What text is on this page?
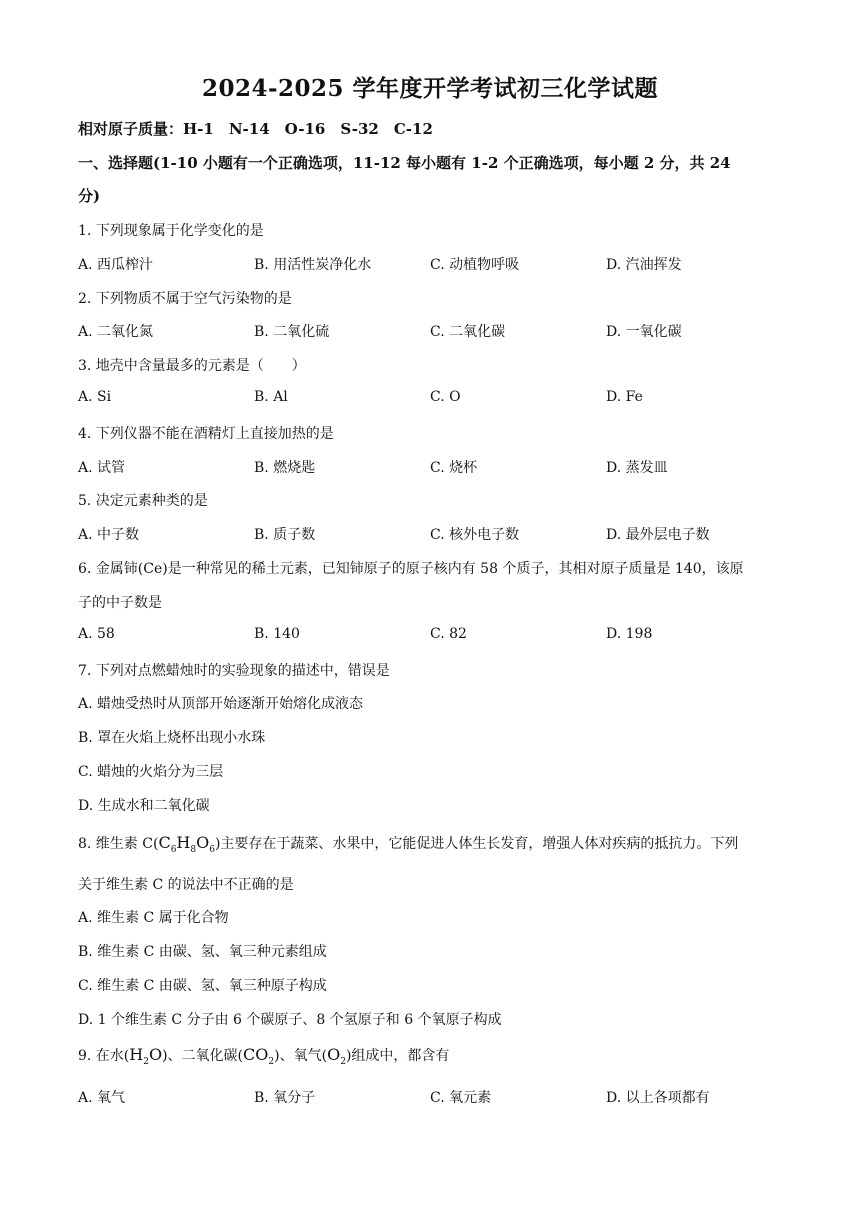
2024-2025 学年度开学考试初三化学试题
相对原子质量：H-1　N-14　O-16　S-32　C-12
一、选择题(1-10 小题有一个正确选项，11-12 每小题有 1-2 个正确选项，每小题 2 分，共 24
分)
1. 下列现象属于化学变化的是
A. 西瓜榨汁	B. 用活性炭净化水	C. 动植物呼吸	D. 汽油挥发
2. 下列物质不属于空气污染物的是
A. 二氧化氮	B. 二氧化硫	C. 二氧化碳	D. 一氧化碳
3. 地壳中含量最多的元素是（　　）
A. Si	B. Al	C. O	D. Fe
4. 下列仪器不能在酒精灯上直接加热的是
A. 试管	B. 燃烧匙	C. 烧杯	D. 蒸发皿
5. 决定元素种类的是
A. 中子数	B. 质子数	C. 核外电子数	D. 最外层电子数
6. 金属铈(Ce)是一种常见的稀土元素，已知铈原子的原子核内有 58 个质子，其相对原子质量是 140，该原
子的中子数是
A. 58	B. 140	C. 82	D. 198
7. 下列对点燃蜡烛时的实验现象的描述中，错误是
A. 蜡烛受热时从顶部开始逐渐开始熔化成液态
B. 罩在火焰上烧杯出现小水珠
C. 蜡烛的火焰分为三层
D. 生成水和二氧化碳
8. 维生素 $C(C_6H_8O_6)$主要存在于蔬菜、水果中，它能促进人体生长发育，增强人体对疾病的抵抗力。下列
关于维生素 C 的说法中不正确的是
A. 维生素 C 属于化合物
B. 维生素 C 由碳、氢、氧三种元素组成
C. 维生素 C 由碳、氢、氧三种原子构成
D. 1 个维生素 C 分子由 6 个碳原子、8 个氢原子和 6 个氧原子构成
9. 在水$(H_2O)$、二氧化碳$(CO_2)$、氧气$(O_2)$组成中，都含有
A. 氧气	B. 氧分子	C. 氧元素	D. 以上各项都有
